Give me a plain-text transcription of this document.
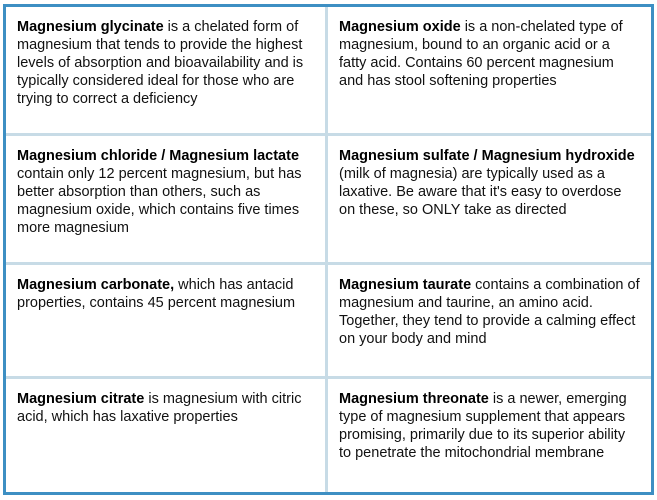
Magnesium glycinate is a chelated form of magnesium that tends to provide the highest levels of absorption and bioavailability and is typically considered ideal for those who are trying to correct a deficiency
Magnesium oxide is a non-chelated type of magnesium, bound to an organic acid or a fatty acid. Contains 60 percent magnesium and has stool softening properties
Magnesium chloride / Magnesium lactate contain only 12 percent magnesium, but has better absorption than others, such as magnesium oxide, which contains five times more magnesium
Magnesium sulfate / Magnesium hydroxide (milk of magnesia) are typically used as a laxative. Be aware that it's easy to overdose on these, so ONLY take as directed
Magnesium carbonate, which has antacid properties, contains 45 percent magnesium
Magnesium taurate contains a combination of magnesium and taurine, an amino acid. Together, they tend to provide a calming effect on your body and mind
Magnesium citrate is magnesium with citric acid, which has laxative properties
Magnesium threonate is a newer, emerging type of magnesium supplement that appears promising, primarily due to its superior ability to penetrate the mitochondrial membrane
